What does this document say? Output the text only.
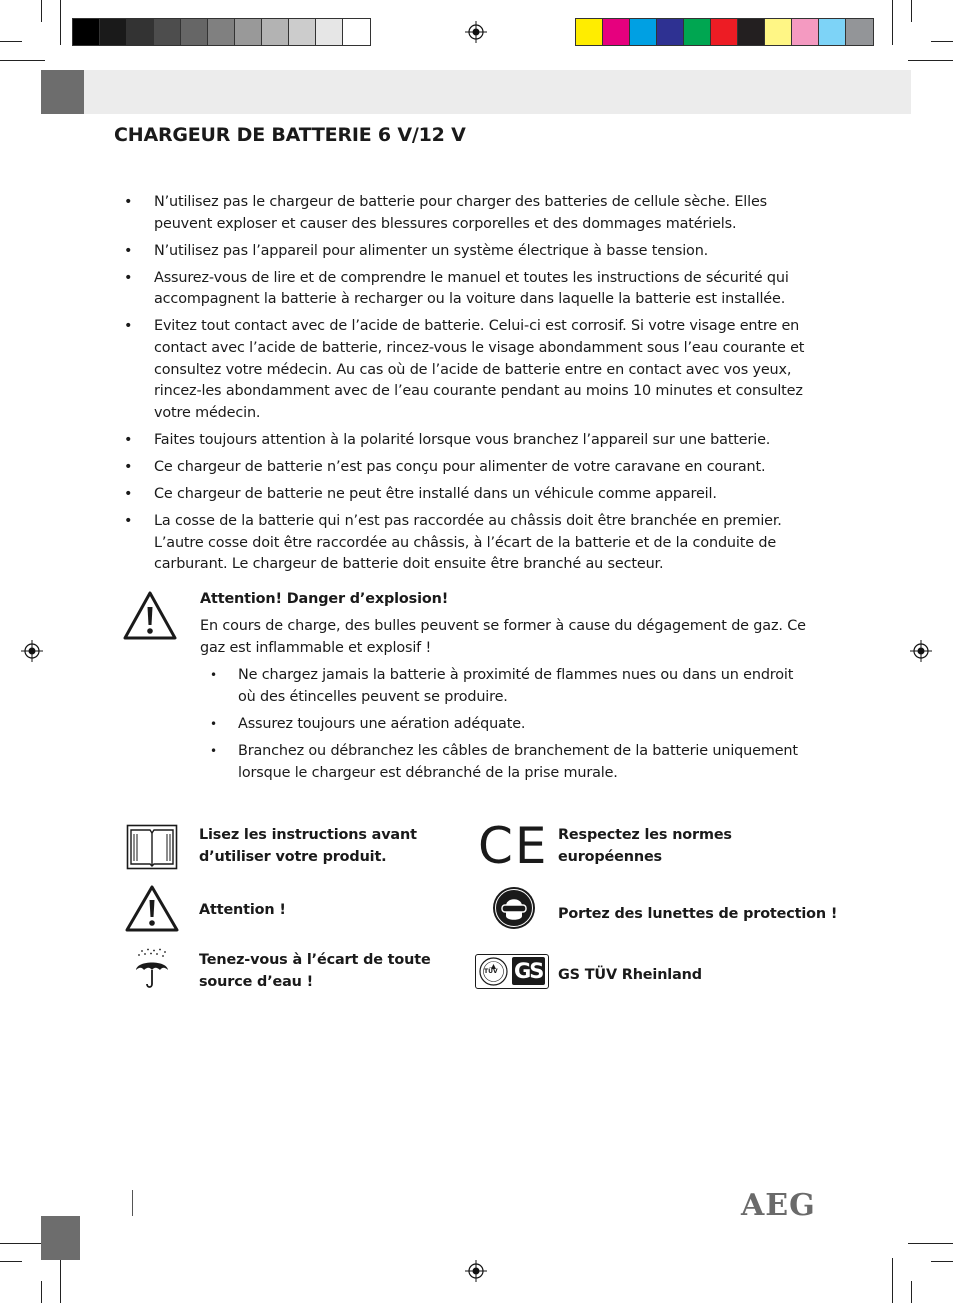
CHARGEUR DE BATTERIE 6 V/12 V
• N’utilisez pas le chargeur de batterie pour charger des batteries de cellule sèche. Elles
peuvent exploser et causer des blessures corporelles et des dommages matériels.
• N’utilisez pas l’appareil pour alimenter un système électrique à basse tension.
• Assurez-vous de lire et de comprendre le manuel et toutes les instructions de sécurité qui
accompagnent la batterie à recharger ou la voiture dans laquelle la batterie est installée.
• Evitez tout contact avec de l’acide de batterie. Celui-ci est corrosif. Si votre visage entre en
contact avec l’acide de batterie, rincez-vous le visage abondamment sous l’eau courante et
consultez votre médecin. Au cas où de l’acide de batterie entre en contact avec vos yeux,
rincez-les abondamment avec de l’eau courante pendant au moins 10 minutes et consultez
votre médecin.
• Faites toujours attention à la polarité lorsque vous branchez l’appareil sur une batterie.
• Ce chargeur de batterie n’est pas conçu pour alimenter de votre caravane en courant.
• Ce chargeur de batterie ne peut être installé dans un véhicule comme appareil.
• La cosse de la batterie qui n’est pas raccordée au châssis doit être branchée en premier.
L’autre cosse doit être raccordée au châssis, à l’écart de la batterie et de la conduite de
carburant. Le chargeur de batterie doit ensuite être branché au secteur.
Attention! Danger d’explosion!
En cours de charge, des bulles peuvent se former à cause du dégagement de gaz. Ce
gaz est inflammable et explosif !
• Ne chargez jamais la batterie à proximité de flammes nues ou dans un endroit
où des étincelles peuvent se produire.
• Assurez toujours une aération adéquate.
• Branchez ou débranchez les câbles de branchement de la batterie uniquement
lorsque le chargeur est débranché de la prise murale.
Lisez les instructions avant
d’utiliser votre produit.	CE Respectez les normes
européennes
Attention !	Portez des lunettes de protection !
Tenez-vous à l’écart de toute
source d’eau !
TÜV GS GS TÜV Rheinland
AEG
